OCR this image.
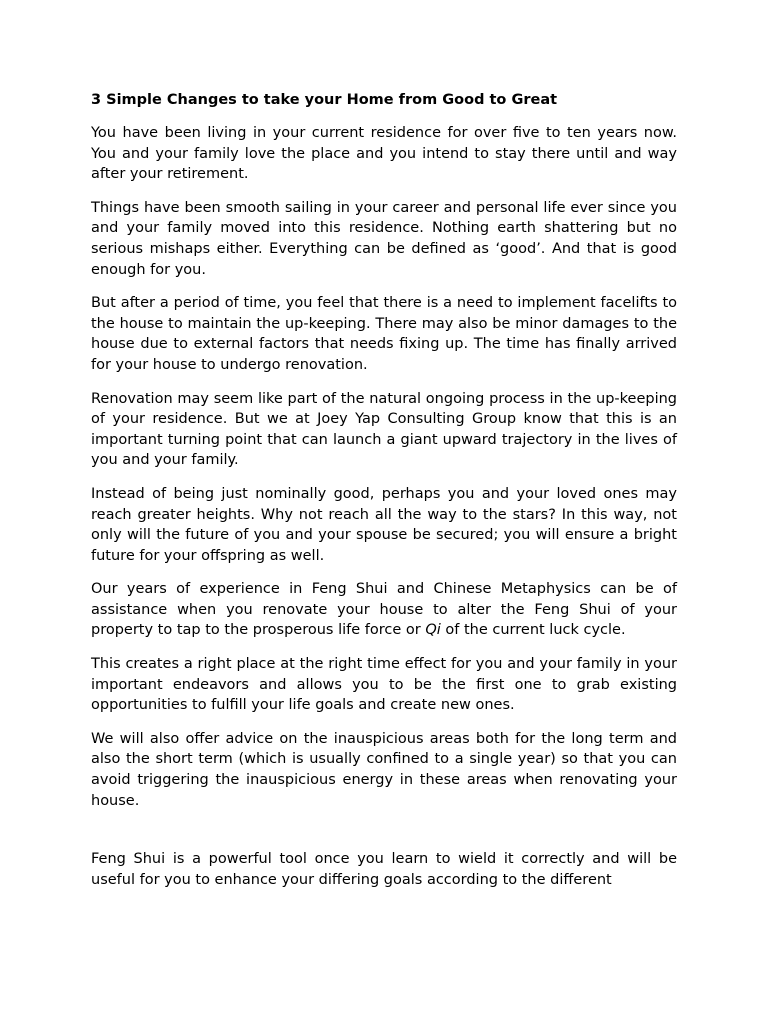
3 Simple Changes to take your Home from Good to Great

You have been living in your current residence for over five to ten years now. You and your family love the place and you intend to stay there until and way after your retirement.

Things have been smooth sailing in your career and personal life ever since you and your family moved into this residence. Nothing earth shattering but no serious mishaps either. Everything can be defined as ‘good’. And that is good enough for you.

But after a period of time, you feel that there is a need to implement facelifts to the house to maintain the up-keeping. There may also be minor damages to the house due to external factors that needs fixing up. The time has finally arrived for your house to undergo renovation.

Renovation may seem like part of the natural ongoing process in the up-keeping of your residence. But we at Joey Yap Consulting Group know that this is an important turning point that can launch a giant upward trajectory in the lives of you and your family.

Instead of being just nominally good, perhaps you and your loved ones may reach greater heights. Why not reach all the way to the stars? In this way, not only will the future of you and your spouse be secured; you will ensure a bright future for your offspring as well.

Our years of experience in Feng Shui and Chinese Metaphysics can be of assistance when you renovate your house to alter the Feng Shui of your property to tap to the prosperous life force or Qi of the current luck cycle.

This creates a right place at the right time effect for you and your family in your important endeavors and allows you to be the first one to grab existing opportunities to fulfill your life goals and create new ones.

We will also offer advice on the inauspicious areas both for the long term and also the short term (which is usually confined to a single year) so that you can avoid triggering the inauspicious energy in these areas when renovating your house.

Feng Shui is a powerful tool once you learn to wield it correctly and will be useful for you to enhance your differing goals according to the different
